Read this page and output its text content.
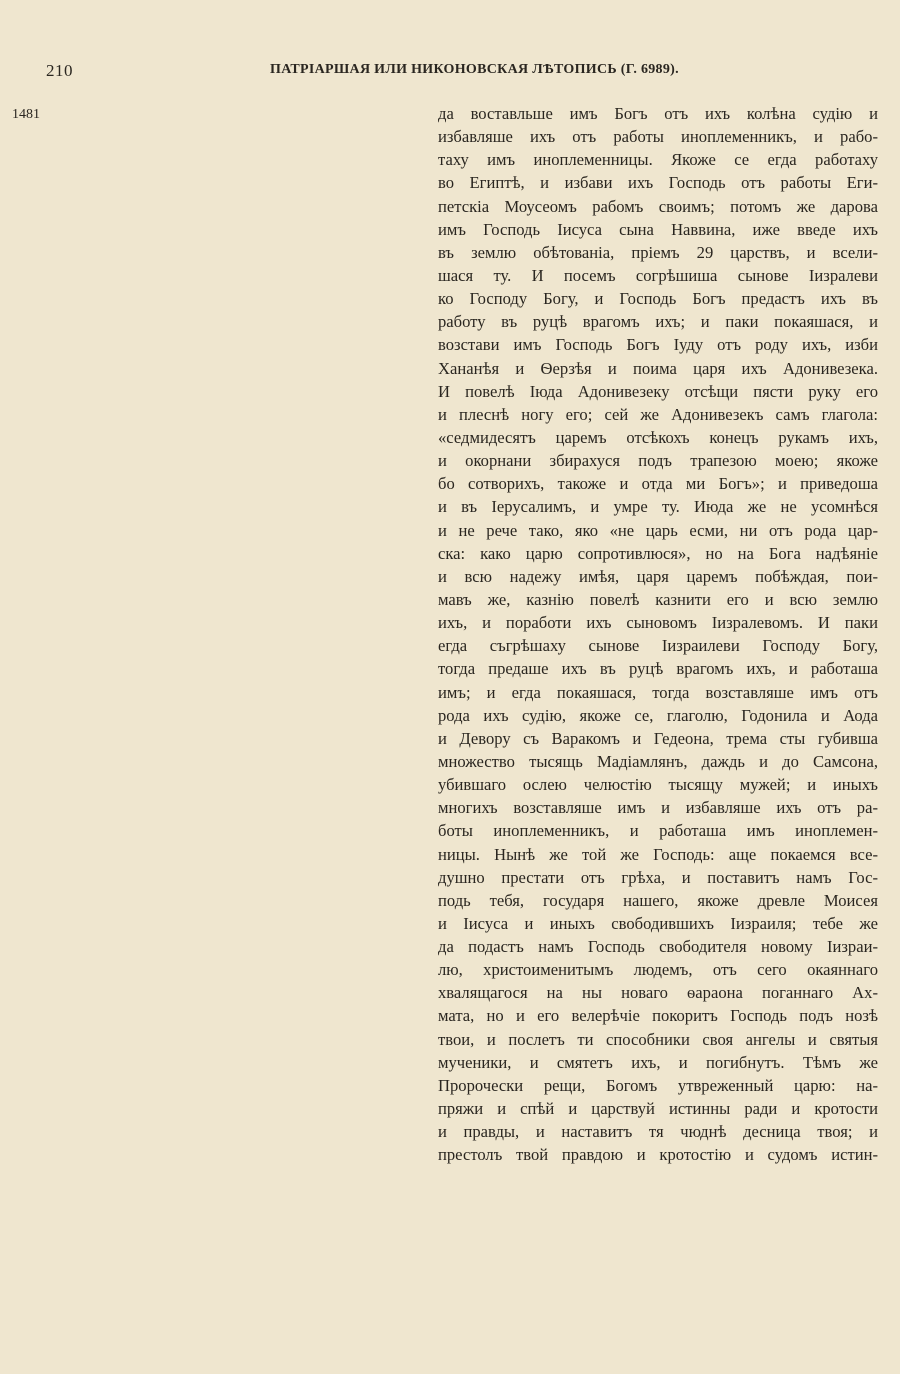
210	ПАТРІАРШАЯ ИЛИ НИКОНОВСКАЯ ЛѢТОПИСЬ (Г. 6989).
1481	да воставльше имъ Богъ отъ ихъ колѣна судію и
избавляше ихъ отъ работы иноплеменникъ, и рабо-
таху имъ иноплеменницы. Якоже се егда работаху
во Египтѣ, и избави ихъ Господь отъ работы Еги-
петскіа Моусеомъ рабомъ своимъ; потомъ же дарова
имъ Господь Іисуса сына Наввина, иже введе ихъ
въ землю обѣтованіа, пріемъ 29 царствъ, и всели-
шася ту. И посемъ согрѣшиша сынове Іизралеви
ко Господу Богу, и Господь Богъ предастъ ихъ въ
работу въ руцѣ врагомъ ихъ; и паки покаяшася, и
возстави имъ Господь Богъ Іуду отъ роду ихъ, изби
Хананѣя и Ѳерзѣя и поима царя ихъ Адонивезека.
И повелѣ Іюда Адонивезеку отсѣщи пясти руку его
и плеснѣ ногу его; сей же Адонивезекъ самъ глагола:
«седмидесятъ царемъ отсѣкохъ конецъ рукамъ ихъ,
и окорнани збирахуся подъ трапезою моею; якоже
бо сотворихъ, такоже и отда ми Богъ»; и приведоша
и въ Іерусалимъ, и умре ту. Июда же не усомнѣся
и не рече тако, яко «не царь есми, ни отъ рода цар-
ска: како царю сопротивлюся», но на Бога надѣяніе
и всю надежу имѣя, царя царемъ побѣждая, пои-
мавъ же, казнію повелѣ казнити его и всю землю
ихъ, и поработи ихъ сыновомъ Іизралевомъ. И паки
егда съгрѣшаху сынове Іизраилеви Господу Богу,
тогда предаше ихъ въ руцѣ врагомъ ихъ, и работаша
имъ; и егда покаяшася, тогда возставляше имъ отъ
рода ихъ судію, якоже се, глаголю, Годонила и Аода
и Девору съ Варакомъ и Гедеона, трема сты губивша
множество тысящь Мадіамлянъ, даждь и до Самсона,
убившаго ослею челюстію тысящу мужей; и иныхъ
многихъ возставляше имъ и избавляше ихъ отъ ра-
боты иноплеменникъ, и работаша имъ иноплемен-
ницы. Нынѣ же той же Господь: аще покаемся все-
душно престати отъ грѣха, и поставитъ намъ Гос-
подь тебя, государя нашего, якоже древле Моисея
и Іисуса и иныхъ свободившихъ Іизраиля; тебе же
да подастъ намъ Господь свободителя новому Іизраи-
лю, христоименитымъ людемъ, отъ сего окаяннаго
хвалящагося на ны новаго ѳараона поганнаго Ах-
мата, но и его велерѣчіе покоритъ Господь подъ нозѣ
твои, и послетъ ти способники своя ангелы и святыя
мученики, и смятетъ ихъ, и погибнутъ. Тѣмъ же
Пророчески рещи, Богомъ утвреженный царю: на-
пряжи и спѣй и царствуй истинны ради и кротости
и правды, и наставитъ тя чюднѣ десница твоя; и
престолъ твой правдою и кротостію и судомъ истин-
